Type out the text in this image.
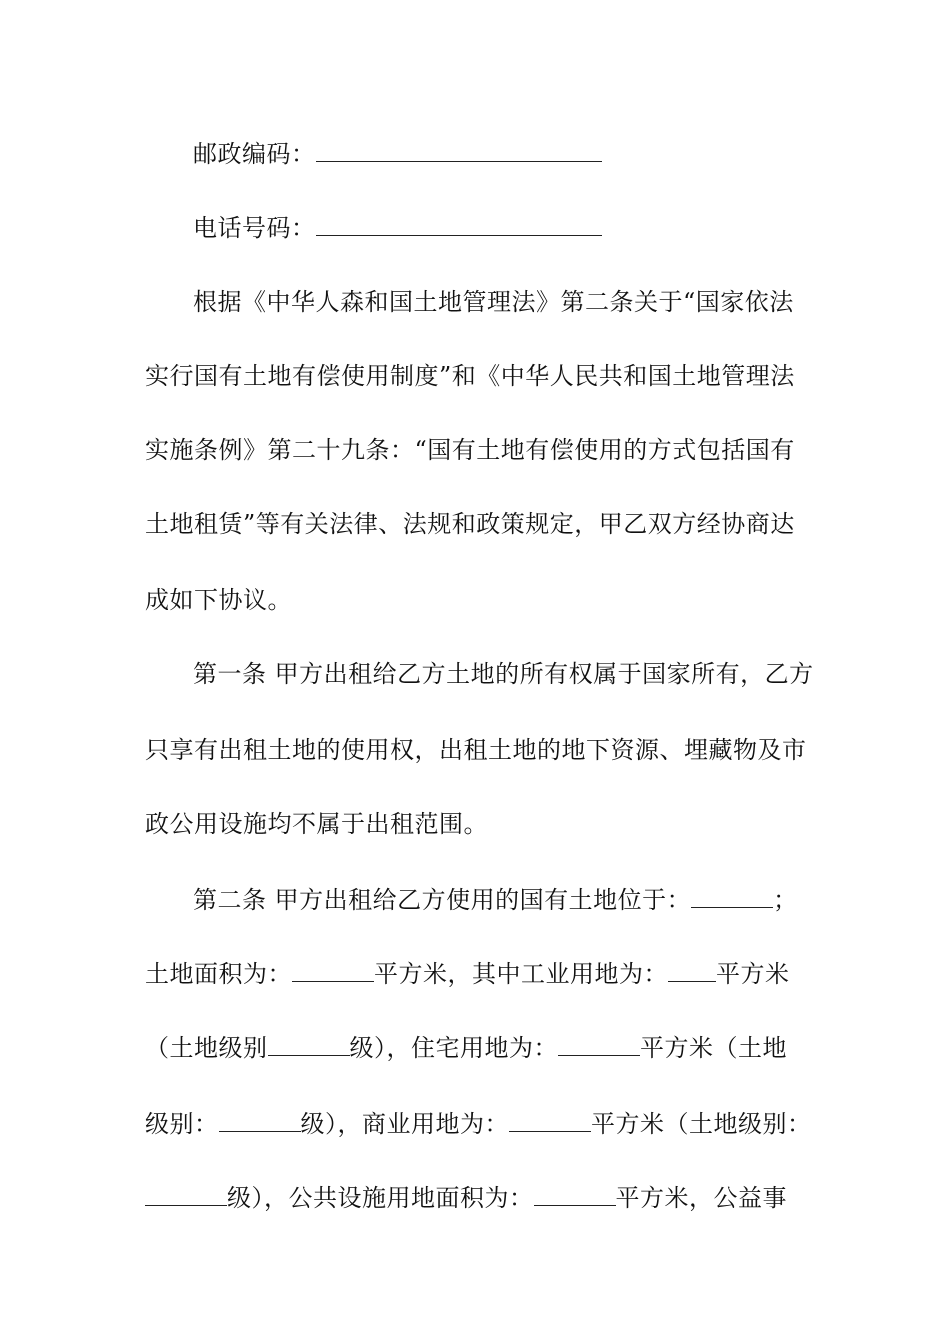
邮政编码：
电话号码：
根据《中华人森和国土地管理法》第二条关于“国家依法
实行国有土地有偿使用制度”和《中华人民共和国土地管理法
实施条例》第二十九条：“国有土地有偿使用的方式包括国有
土地租赁”等有关法律、法规和政策规定，甲乙双方经协商达
成如下协议。
第一条 甲方出租给乙方土地的所有权属于国家所有，乙方
只享有出租土地的使用权，出租土地的地下资源、埋藏物及市
政公用设施均不属于出租范围。
第二条 甲方出租给乙方使用的国有土地位于：	；
土地面积为：	平方米，其中工业用地为： 平方米
（土地级别	级），住宅用地为：	平方米（土地
级别：	级），商业用地为：	平方米（土地级别：
级），公共设施用地面积为：	平方米，公益事
